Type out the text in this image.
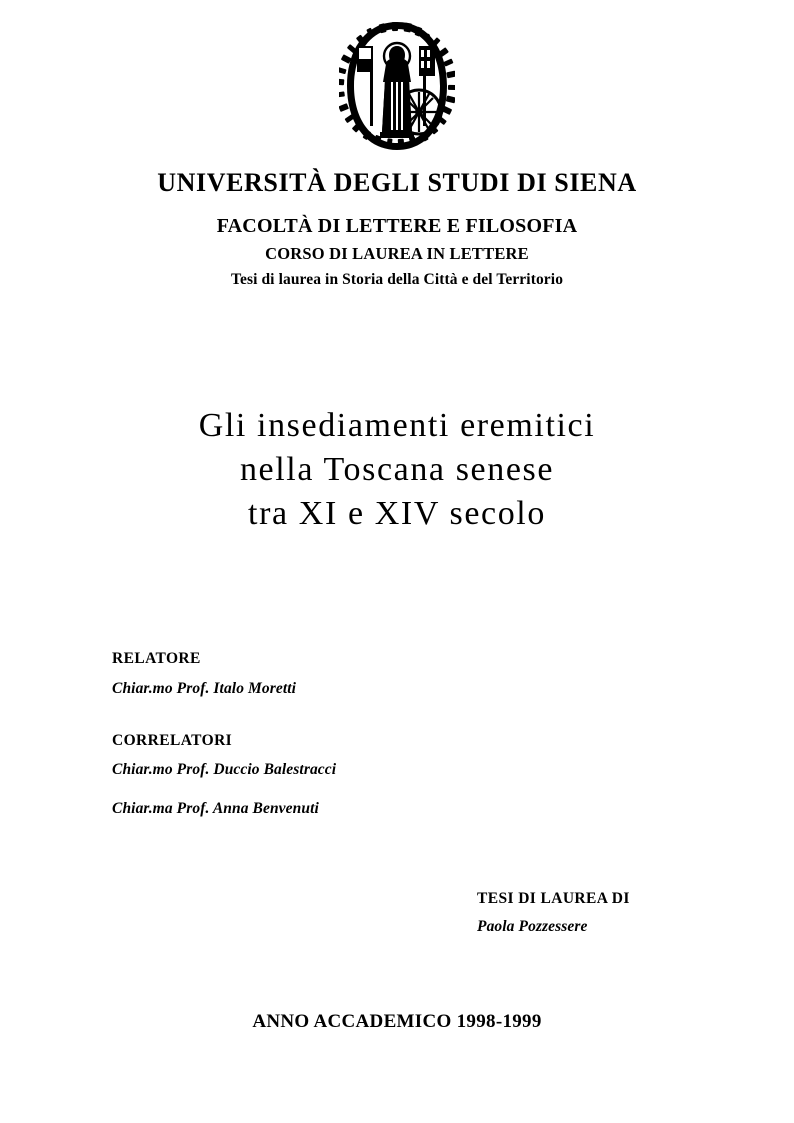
UNIVERSITÀ DEGLI STUDI DI SIENA
FACOLTÀ DI LETTERE E FILOSOFIA
CORSO DI LAUREA IN LETTERE
Tesi di laurea in Storia della Città e del Territorio
Gli insediamenti eremitici
nella Toscana senese
tra XI e XIV secolo
RELATORE
Chiar.mo Prof. Italo Moretti
CORRELATORI
Chiar.mo Prof. Duccio Balestracci
Chiar.ma Prof. Anna Benvenuti
TESI DI LAUREA DI
Paola Pozzessere
ANNO ACCADEMICO 1998-1999
